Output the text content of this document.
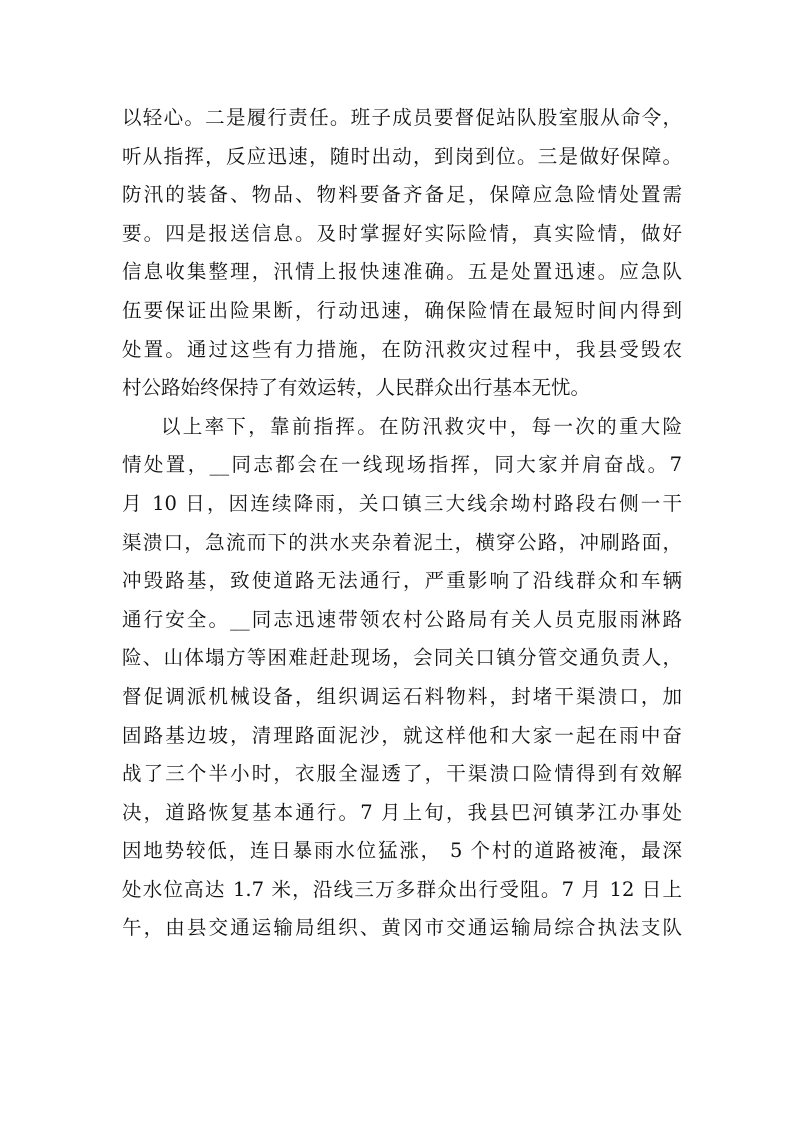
以轻心。二是履行责任。班子成员要督促站队股室服从命令，
听从指挥，反应迅速，随时出动，到岗到位。三是做好保障。
防汛的装备、物品、物料要备齐备足，保障应急险情处置需
要。四是报送信息。及时掌握好实际险情，真实险情，做好
信息收集整理，汛情上报快速准确。五是处置迅速。应急队
伍要保证出险果断，行动迅速，确保险情在最短时间内得到
处置。通过这些有力措施，在防汛救灾过程中，我县受毁农
村公路始终保持了有效运转，人民群众出行基本无忧。
以上率下，靠前指挥。在防汛救灾中，每一次的重大险
情处置，__同志都会在一线现场指挥，同大家并肩奋战。7
月 10 日，因连续降雨，关口镇三大线余坳村路段右侧一干
渠溃口，急流而下的洪水夹杂着泥土，横穿公路，冲刷路面，
冲毁路基，致使道路无法通行，严重影响了沿线群众和车辆
通行安全。__同志迅速带领农村公路局有关人员克服雨淋路
险、山体塌方等困难赶赴现场，会同关口镇分管交通负责人，
督促调派机械设备，组织调运石料物料，封堵干渠溃口，加
固路基边坡，清理路面泥沙，就这样他和大家一起在雨中奋
战了三个半小时，衣服全湿透了，干渠溃口险情得到有效解
决，道路恢复基本通行。7 月上旬，我县巴河镇茅江办事处
因地势较低，连日暴雨水位猛涨， 5 个村的道路被淹，最深
处水位高达 1.7 米，沿线三万多群众出行受阻。7 月 12 日上
午，由县交通运输局组织、黄冈市交通运输局综合执法支队
